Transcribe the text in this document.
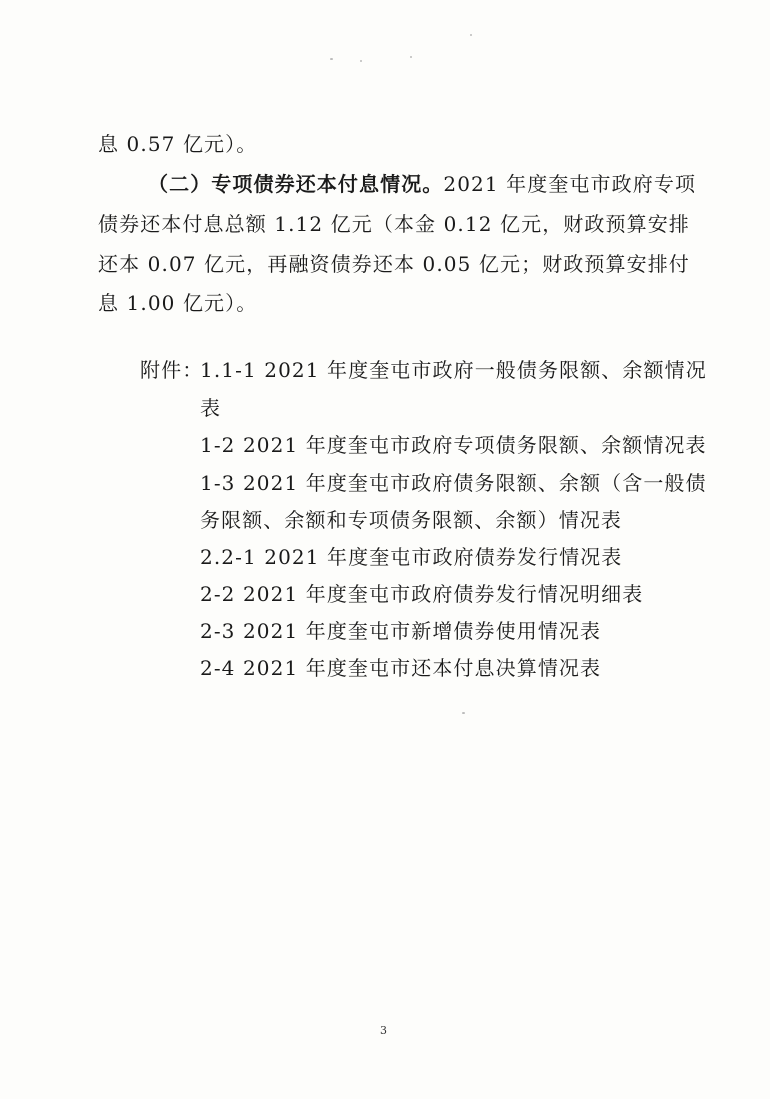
息 0.57 亿元）。
（二）专项债券还本付息情况。2021 年度奎屯市政府专项
债券还本付息总额 1.12 亿元（本金 0.12 亿元，财政预算安排
还本 0.07 亿元，再融资债券还本 0.05 亿元；财政预算安排付
息 1.00 亿元）。
附件：
1.1-1 2021 年度奎屯市政府一般债务限额、余额情况
表
1-2 2021 年度奎屯市政府专项债务限额、余额情况表
1-3 2021 年度奎屯市政府债务限额、余额（含一般债
务限额、余额和专项债务限额、余额）情况表
2.2-1 2021 年度奎屯市政府债券发行情况表
2-2 2021 年度奎屯市政府债券发行情况明细表
2-3 2021 年度奎屯市新增债券使用情况表
2-4 2021 年度奎屯市还本付息决算情况表
3
